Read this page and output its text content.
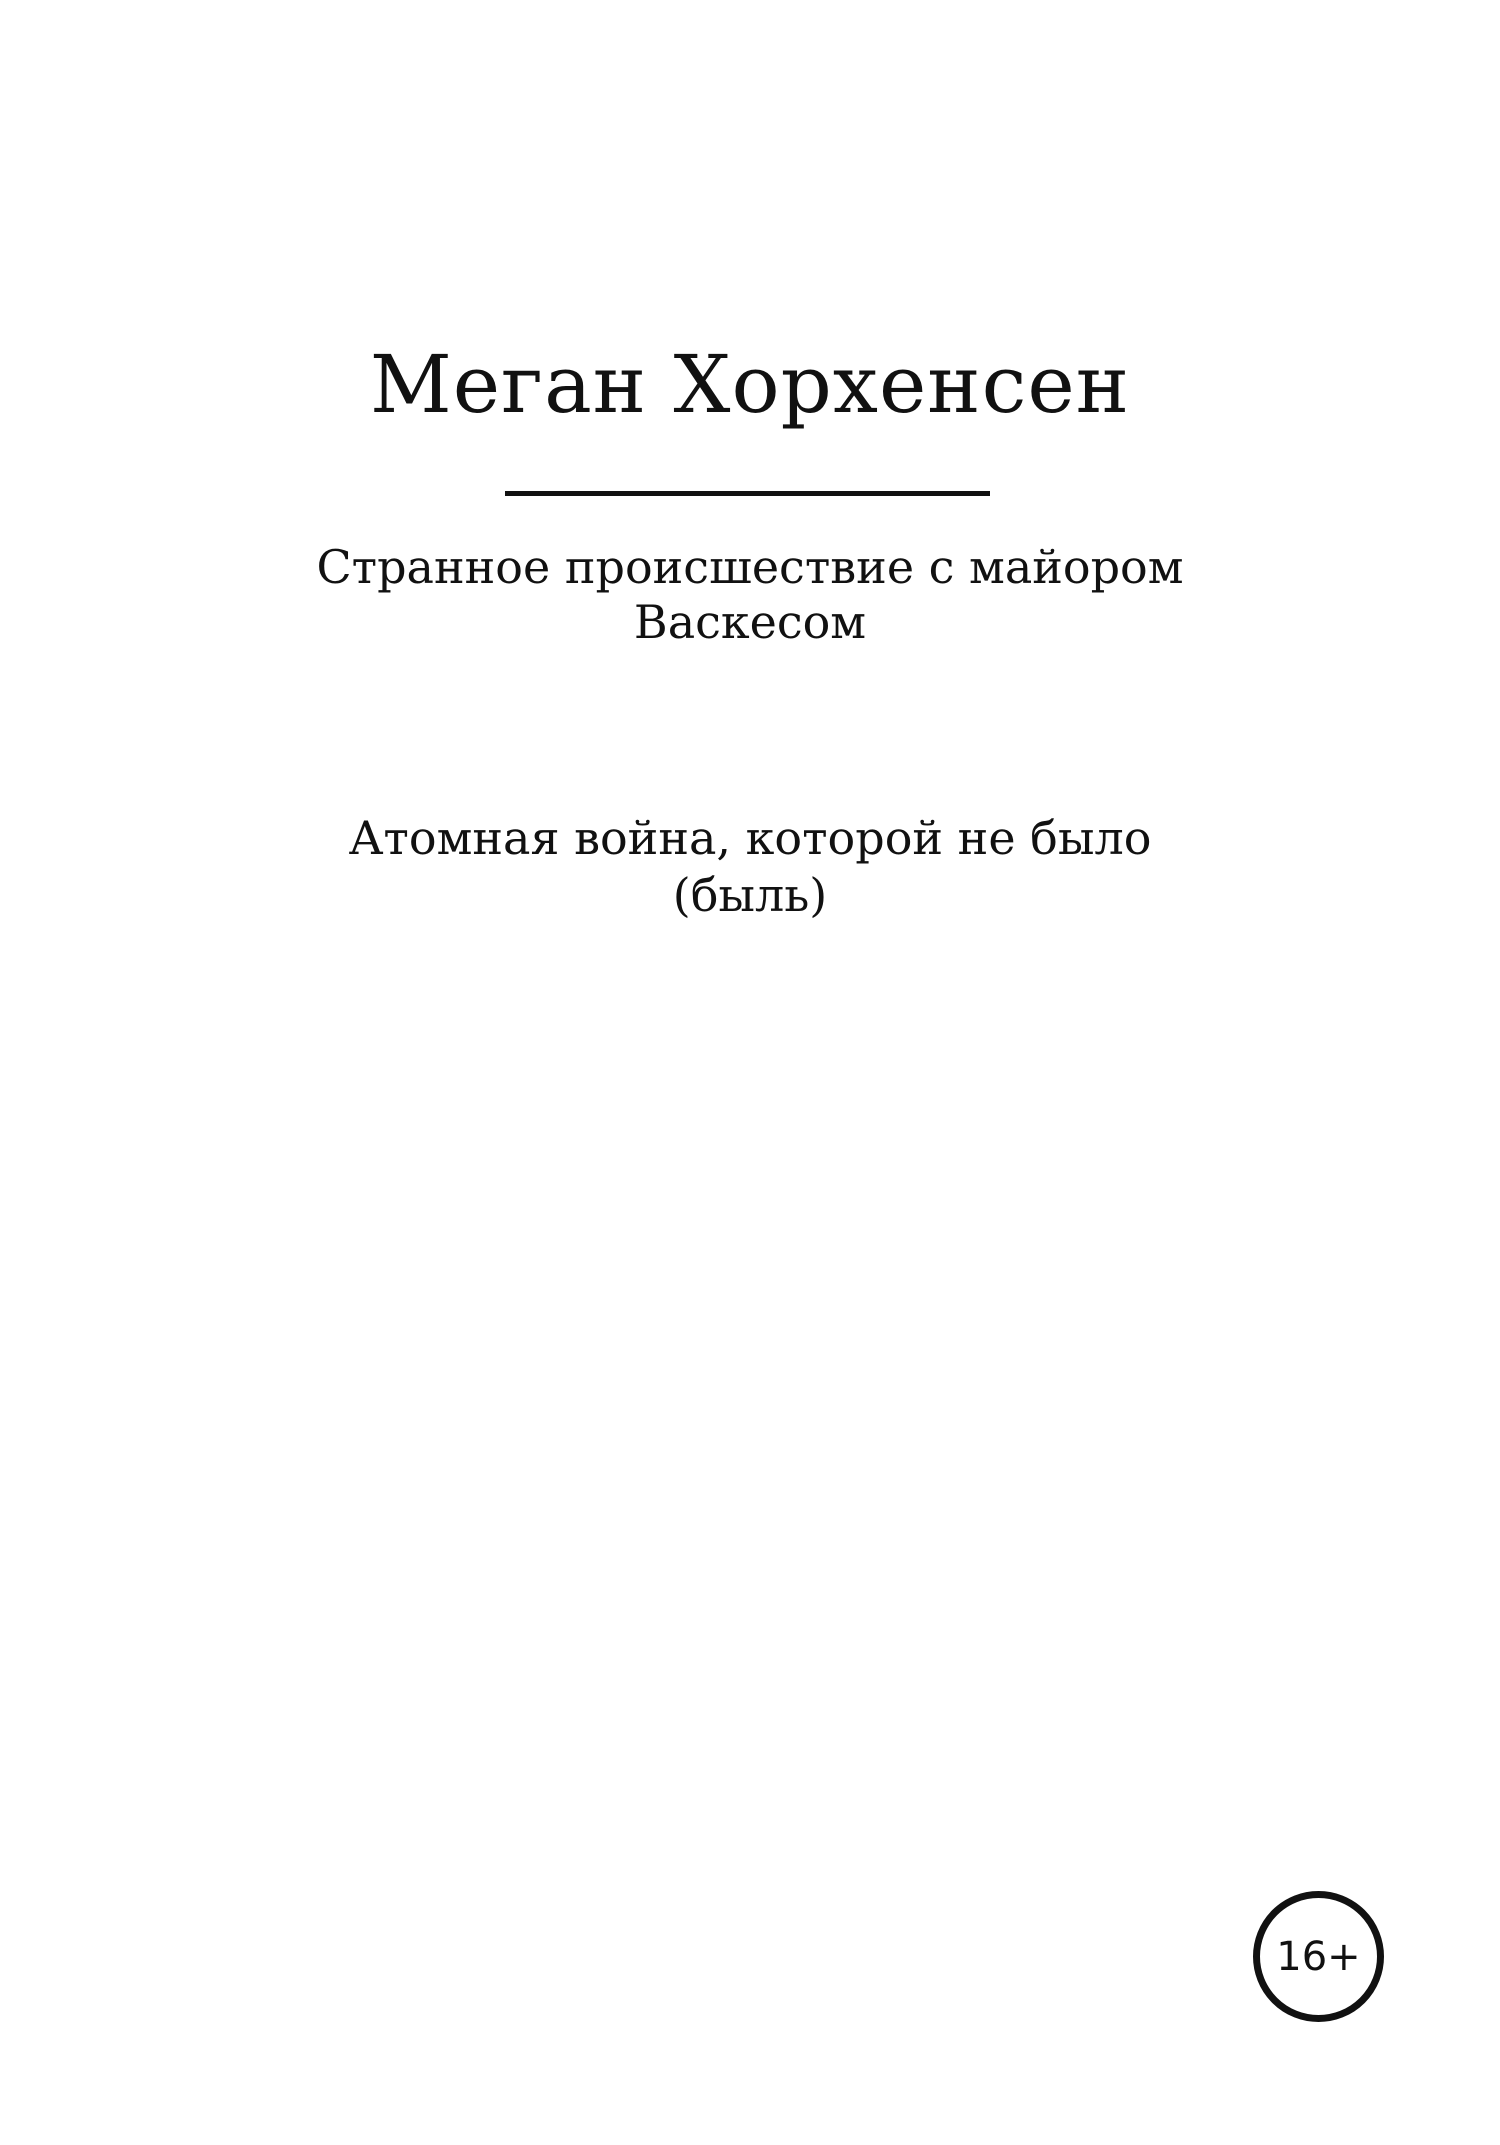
Меган Хорхенсен
Странное происшествие с майором
Васкесом
Атомная война, которой не было
(быль)
16+
